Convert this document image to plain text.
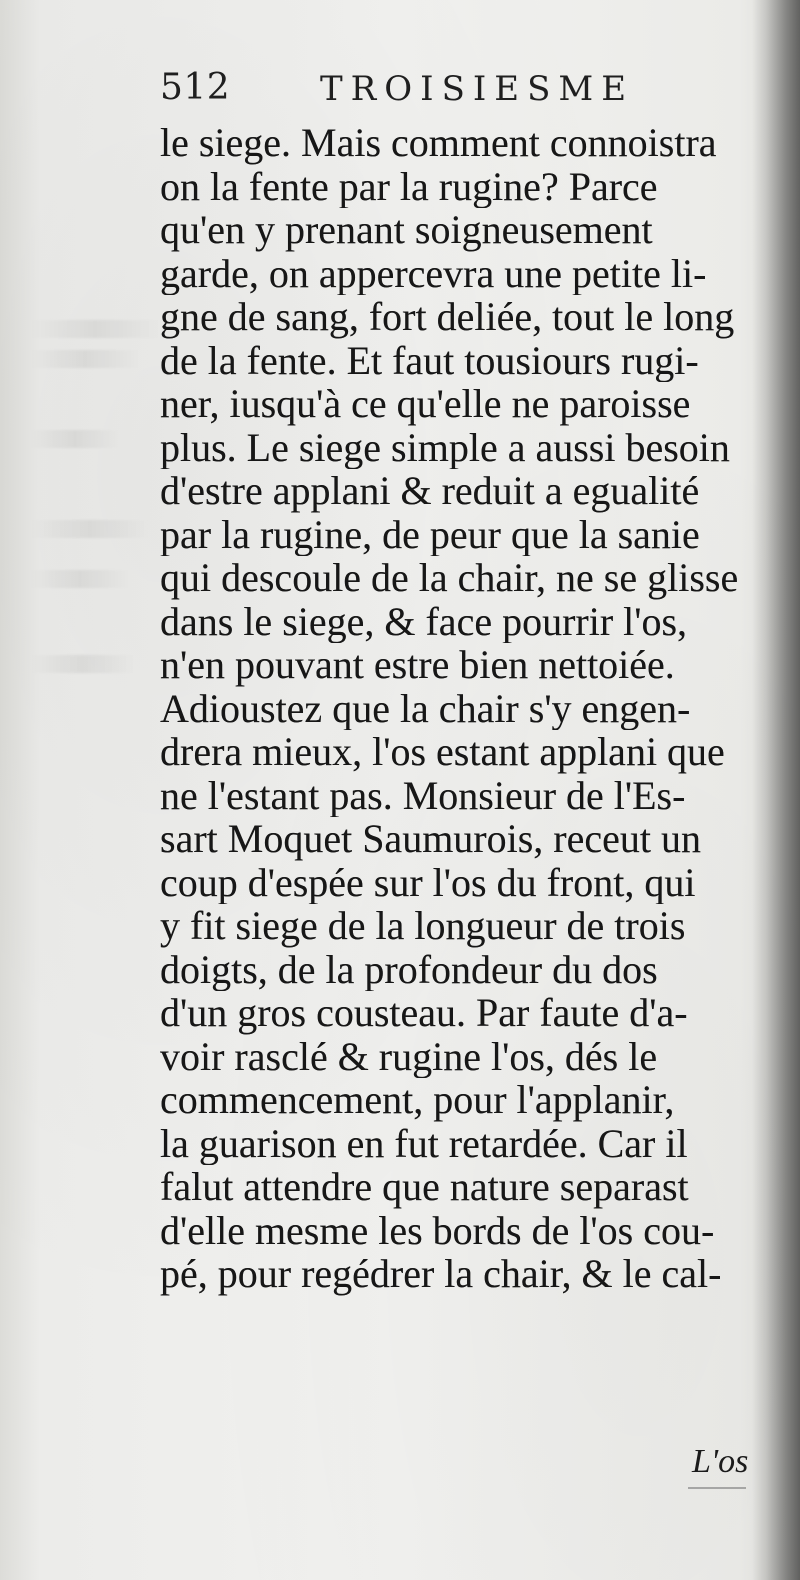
512	TROISIESME
le siege. Mais comment connoistra
on la fente par la rugine? Parce
qu'en y prenant soigneusement
garde, on appercevra une petite li-
gne de sang, fort deliée, tout le long
de la fente. Et faut tousiours rugi-
ner, iusqu'à ce qu'elle ne paroisse
plus. Le siege simple a aussi besoin
d'estre applani & reduit a egualité
par la rugine, de peur que la sanie
qui descoule de la chair, ne se glisse
dans le siege, & face pourrir l'os,
n'en pouvant estre bien nettoiée.
Adioustez que la chair s'y engen-
drera mieux, l'os estant applani que
ne l'estant pas. Monsieur de l'Es-
sart Moquet Saumurois, receut un
coup d'espée sur l'os du front, qui
y fit siege de la longueur de trois
doigts, de la profondeur du dos
d'un gros cousteau. Par faute d'a-
voir rasclé & rugine l'os, dés le
commencement, pour l'applanir,
la guarison en fut retardée. Car il
falut attendre que nature separast
d'elle mesme les bords de l'os cou-
pé, pour regédrer la chair, & le cal-
L'os
